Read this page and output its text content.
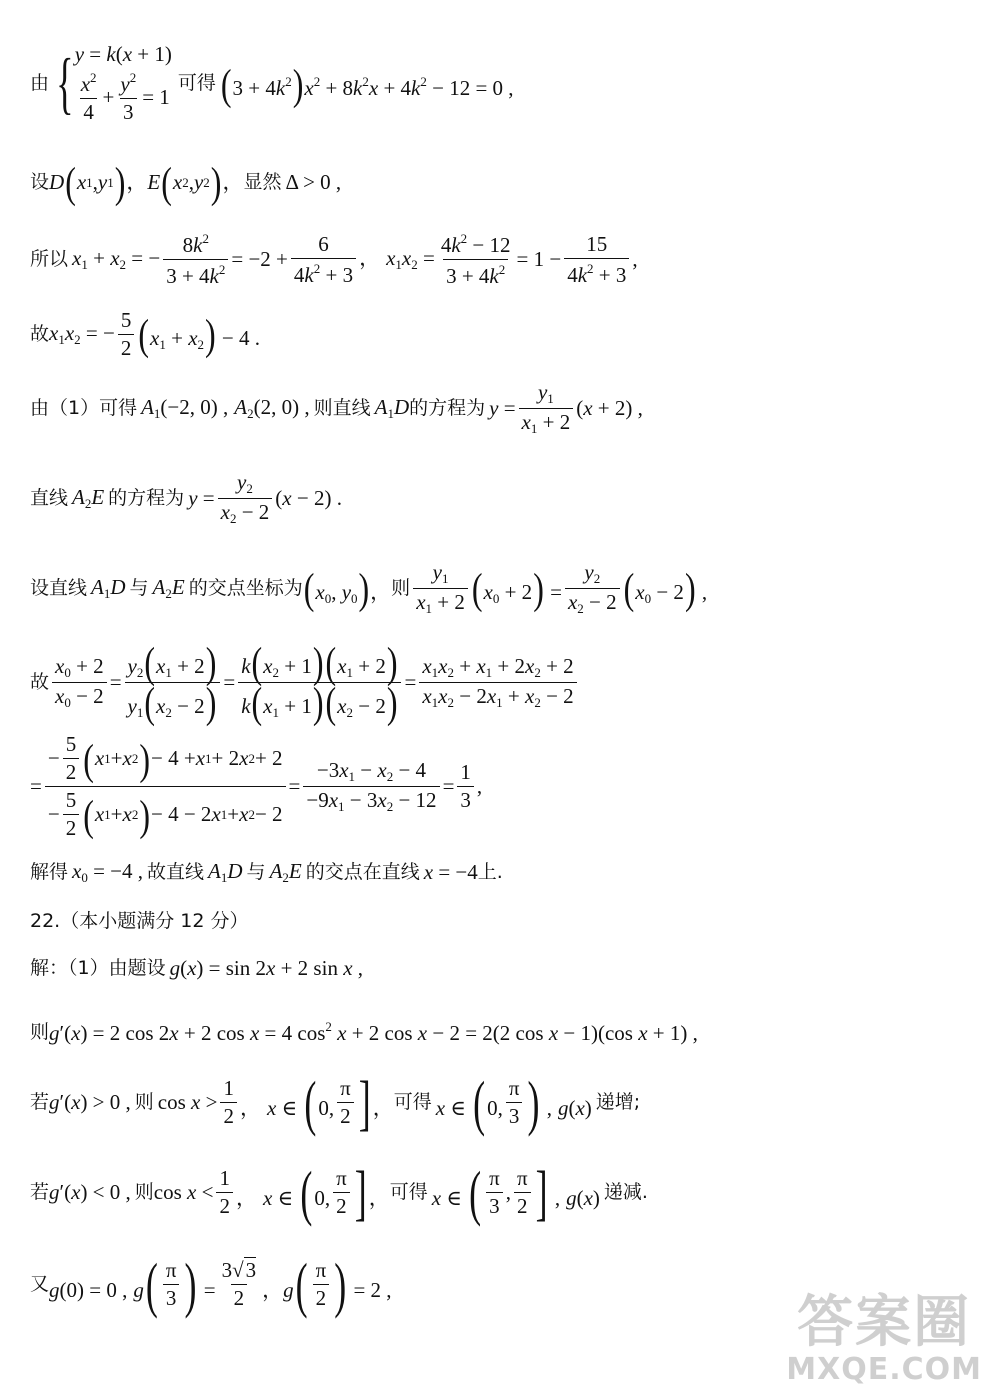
由 { y = k(x + 1)
$\frac{x^2}{4} + \frac{y^2}{3} = 1$
可得 $(3 + 4k^2)x^2 + 8k^2x + 4k^2 - 12 = 0$ ,
设 D ( x 1 , y 1 ) ， E ( x 2 , y 2 ) ， 显然 Δ > 0 ,
所以 $x_1 + x_2$ = − $\frac{8k^2}{3 + 4k^2} = -2 + \frac{6}{4k^2 + 3}$ ， $x_1x_2 = \frac{4k^2 - 12}{3 + 4k^2} = 1 - \frac{15}{4k^2 + 3}$ ,
故 $x_1x_2$ = − $\frac{5}{2} (x_1 + x_2) - 4$ .
由（1）可得 $A_1(-2$, 0) , $A_2(2$, 0) , 则直线 $A_1D$ 的方程为 $y = \frac{y_1}{x_1 + 2} (x + 2)$ ,
直线 $A_2E$ 的方程为 $y = \frac{y_2}{x_2 - 2} (x - 2)$ .
设直线 $A_1D$ 与 $A_2E$ 的交点坐标为 ($x_0$, $y_0$)， 则 $\frac{y_1}{x_1 + 2} (x_0 + 2) = \frac{y_2}{x_2 - 2} (x_0 - 2)$ ,
故 $\frac{x_0 + 2}{x_0 - 2} = \frac{y_2(x_1 + 2)}{y_1(x_2 - 2)} = \frac{k(x_2 + 1)(x_1 + 2)}{k(x_1 + 1)(x_2 - 2)} = \frac{x_1x_2 + x_1 + 2x_2 + 2}{x_1x_2 - 2x_1 + x_2 - 2}$
= $\frac{- \frac{5}{2} ( x 1 + x 2 ) - 4 + x 1 + 2 x 2 + 2}{- \frac{5}{2} ( x 1 + x 2 ) - 4 - 2 x 1 + x 2 - 2} = \frac{-3x_1 - x_2 - 4}{-9x_1 - 3x_2 - 12} = \frac{1}{3}$ ,
解得 $x_0 = -4$ , 故直线 $A_1D$ 与 $A_2E$ 的交点在直线 x = −4 上.
22.（本小题满分 12 分）
解：（1）由题设 g(x) = sin 2x + 2 sin x ,
则 g′(x) = 2 cos 2x + 2 cos x = 4 $\cos^2 x + 2$ cos x − 2 = 2(2 cos x − 1)(cos x + 1) ,
若 g′(x) > 0 , 则 $\cos x > \frac{1}{2}$ ， x ∈ (0, $\frac{\pi}{2}$ ]， 可得 x ∈ (0, $\frac{\pi}{3}$ ) , g(x) 递增;
若 g′(x) < 0 , 则 $\cos x < \frac{1}{2}$ ， x ∈ (0, $\frac{\pi}{2}$ ]， 可得 x ∈ ( $\frac{\pi}{3}$ , $\frac{\pi}{2}$ ] , g(x) 递减.
又 g(0) = 0 , $g( \frac{\pi}{3}$ ) = $\frac{3√3}{2}$ ，$g( \frac{\pi}{2}$ ) = 2 ,
答案圈
MXQE.COM
